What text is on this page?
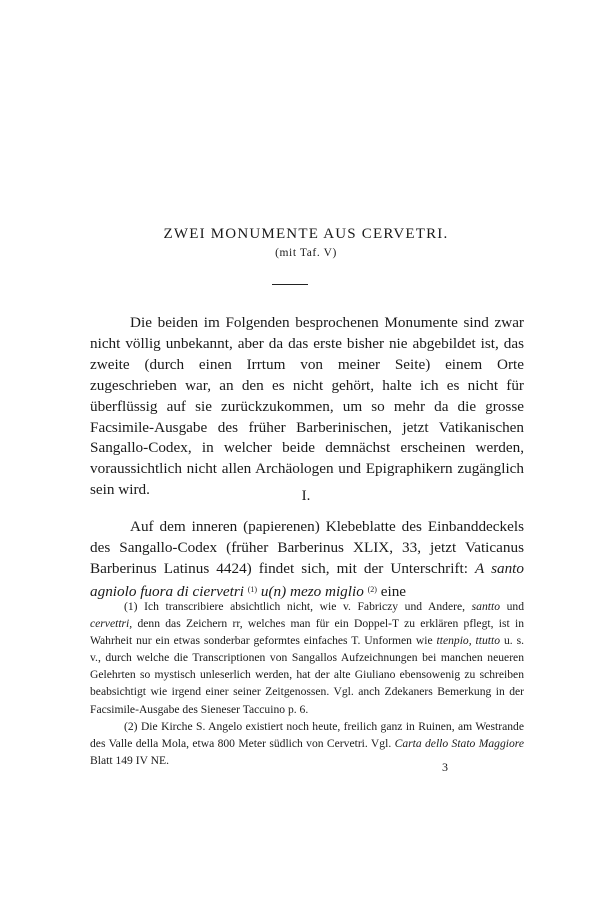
ZWEI MONUMENTE AUS CERVETRI.
(mit Taf. V)

Die beiden im Folgenden besprochenen Monumente sind zwar nicht völlig unbekannt, aber da das erste bisher nie abgebildet ist, das zweite (durch einen Irrtum von meiner Seite) einem Orte zugeschrieben war, an den es nicht gehört, halte ich es nicht für überflüssig auf sie zurückzukommen, um so mehr da die grosse Facsimile-Ausgabe des früher Barberinischen, jetzt Vatikanischen Sangallo-Codex, in welcher beide demnächst erscheinen werden, voraussichtlich nicht allen Archäologen und Epigraphikern zugänglich sein wird.	I.

Auf dem inneren (papierenen) Klebeblatte des Einbanddeckels des Sangallo-Codex (früher Barberinus XLIX, 33, jetzt Vaticanus Barberinus Latinus 4424) findet sich, mit der Unterschrift: A santo agniolo fuora di ciervetri $^{(1)}$ u(n) mezo miglio $^{(2)}$ eine

(1) Ich transcribiere absichtlich nicht, wie v. Fabriczy und Andere, santto und cervettri, denn das Zeichern rr, welches man für ein Doppel-T zu erklären pflegt, ist in Wahrheit nur ein etwas sonderbar geformtes einfaches T. Unformen wie ttenpio, ttutto u. s. v., durch welche die Transcriptionen von Sangallos Aufzeichnungen bei manchen neueren Gelehrten so mystisch unleserlich werden, hat der alte Giuliano ebensowenig zu schreiben beabsichtigt wie irgend einer seiner Zeitgenossen. Vgl. anch Zdekaners Bemerkung in der Facsimile-Ausgabe des Sieneser Taccuino p. 6.

(2) Die Kirche S. Angelo existiert noch heute, freilich ganz in Ruinen, am Westrande des Valle della Mola, etwa 800 Meter südlich von Cervetri. Vgl. Carta dello Stato Maggiore Blatt 149 IV NE.	3
